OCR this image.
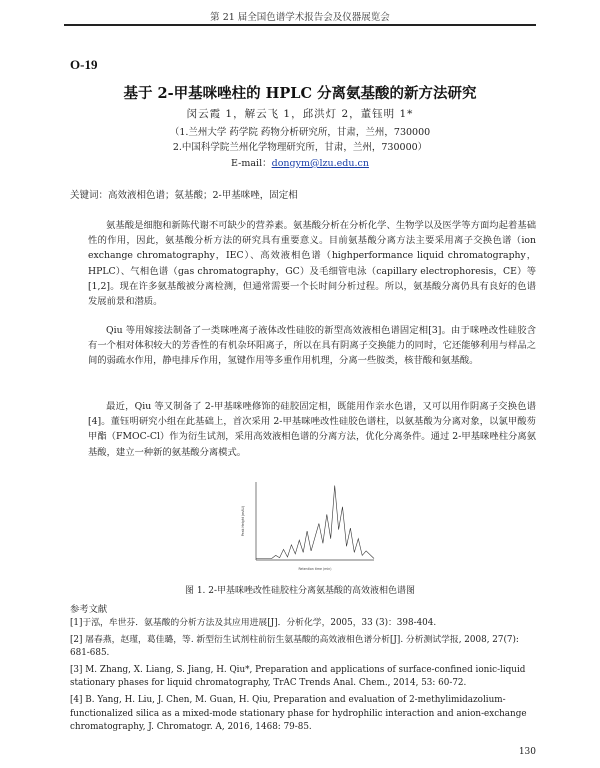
第 21 届全国色谱学术报告会及仪器展览会
O-19
基于 2-甲基咪唑柱的 HPLC 分离氨基酸的新方法研究
闵云霞 1，解云飞 1，邱洪灯 2，董钰明 1*
（1.兰州大学 药学院 药物分析研究所，甘肃，兰州，730000
2.中国科学院兰州化学物理研究所，甘肃，兰州，730000）
E-mail：dongym@lzu.edu.cn
关键词：高效液相色谱；氨基酸；2-甲基咪唑，固定相
氨基酸是细胞和新陈代谢不可缺少的营养素。氨基酸分析在分析化学、生物学以及医学等方面均起着基础性的作用，因此，氨基酸分析方法的研究具有重要意义。目前氨基酸分离方法主要采用离子交换色谱（ion exchange chromatography，IEC）、高效液相色谱（highperformance liquid chromatography，HPLC）、气相色谱（gas chromatography，GC）及毛细管电泳（capillary electrophoresis，CE）等[1,2]。现在许多氨基酸被分离检测，但通常需要一个长时间分析过程。所以，氨基酸分离仍具有良好的色谱发展前景和潜质。
Qiu 等用嫁接法制备了一类咪唑离子液体改性硅胶的新型高效液相色谱固定相[3]。由于咪唑改性硅胶含有一个相对体积较大的芳香性的有机杂环阳离子，所以在具有阴离子交换能力的同时，它还能够利用与样品之间的弱疏水作用，静电排斥作用，氢键作用等多重作用机理，分离一些胺类，核苷酸和氨基酸。
最近，Qiu 等又制备了 2-甲基咪唑修饰的硅胶固定相，既能用作亲水色谱，又可以用作阴离子交换色谱[4]。董钰明研究小组在此基础上，首次采用 2-甲基咪唑改性硅胶色谱柱，以氨基酸为分离对象，以氯甲酸芴甲酯（FMOC-Cl）作为衍生试剂，采用高效液相色谱的分离方法，优化分离条件。通过 2-甲基咪唑柱分离氨基酸，建立一种新的氨基酸分离模式。
Peak Height (mAU)
Retention time (min)
图 1. 2-甲基咪唑改性硅胶柱分离氨基酸的高效液相色谱图
参考文献
[1]于泓，牟世芬．氨基酸的分析方法及其应用进展[J]．分析化学，2005，33 (3)：398-404.
[2] 屠春燕，赵瑾，葛佳璐，等. 新型衍生试剂柱前衍生氨基酸的高效液相色谱分析[J]. 分析测试学报, 2008, 27(7): 681-685.
[3] M. Zhang, X. Liang, S. Jiang, H. Qiu*, Preparation and applications of surface-confined ionic-liquid stationary phases for liquid chromatography, TrAC Trends Anal. Chem., 2014, 53: 60-72.
[4] B. Yang, H. Liu, J. Chen, M. Guan, H. Qiu, Preparation and evaluation of 2-methylimidazolium-functionalized silica as a mixed-mode stationary phase for hydrophilic interaction and anion-exchange chromatography, J. Chromatogr. A, 2016, 1468: 79-85.
130
